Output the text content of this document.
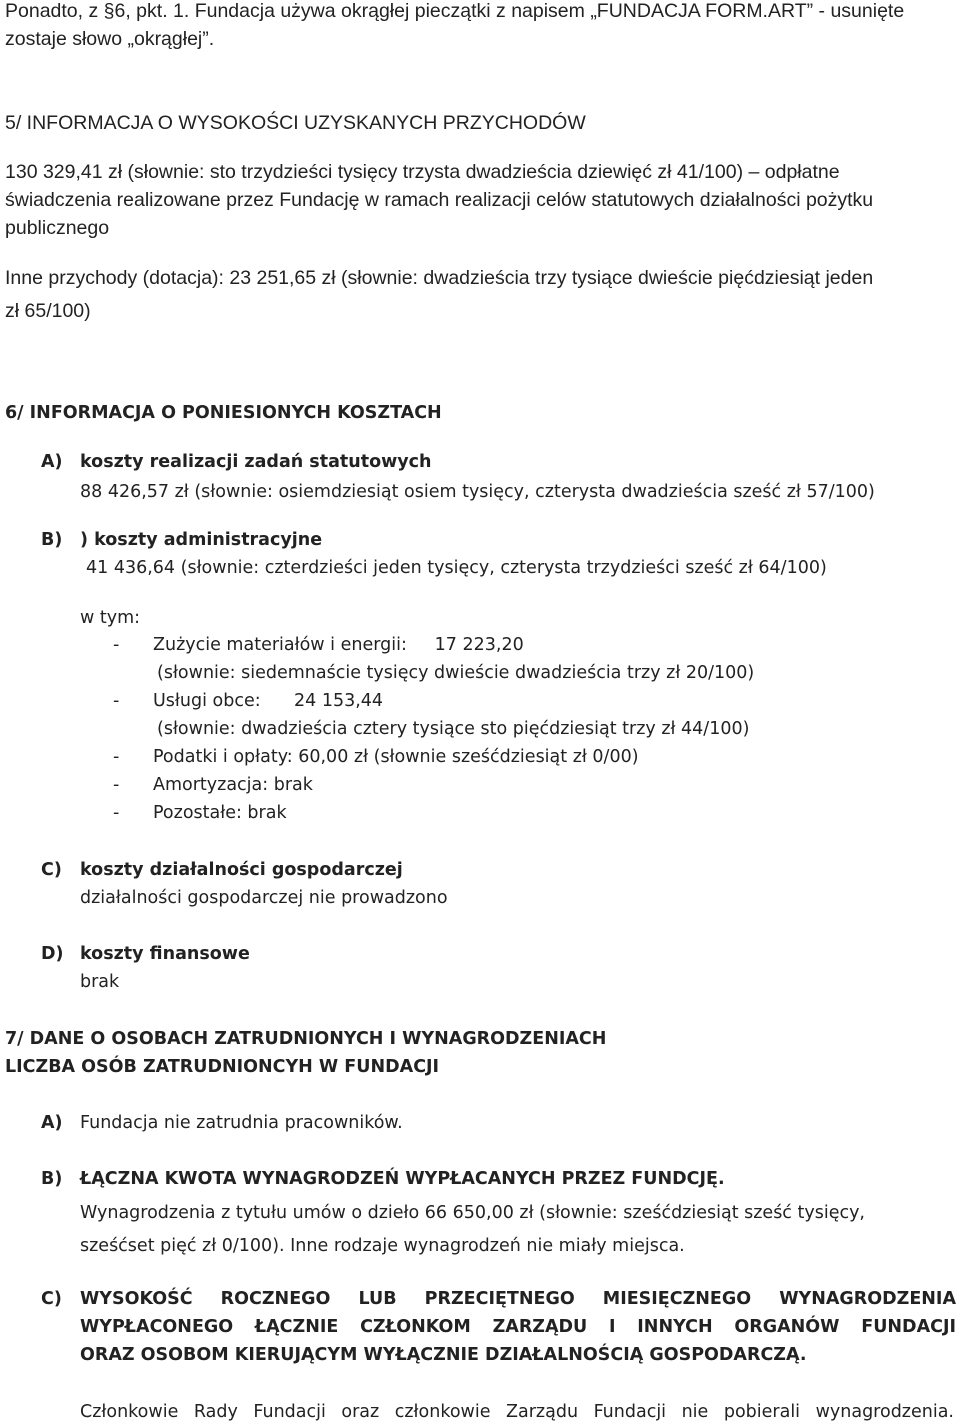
Ponadto, z §6, pkt. 1. Fundacja używa okrągłej pieczątki z napisem „FUNDACJA FORM.ART” - usunięte
zostaje słowo „okrągłej”.
5/ INFORMACJA O WYSOKOŚCI UZYSKANYCH PRZYCHODÓW
130 329,41 zł (słownie: sto trzydzieści tysięcy trzysta dwadzieścia dziewięć zł 41/100) – odpłatne
świadczenia realizowane przez Fundację w ramach realizacji celów statutowych działalności pożytku
publicznego
Inne przychody (dotacja): 23 251,65 zł (słownie: dwadzieścia trzy tysiące dwieście pięćdziesiąt jeden
zł 65/100)
6/ INFORMACJA O PONIESIONYCH KOSZTACH
A) koszty realizacji zadań statutowych
88 426,57 zł (słownie: osiemdziesiąt osiem tysięcy, czterysta dwadzieścia sześć zł 57/100)
B) ) koszty administracyjne
41 436,64 (słownie: czterdzieści jeden tysięcy, czterysta trzydzieści sześć zł 64/100)
w tym:
- Zużycie materiałów i energii:     17 223,20
(słownie: siedemnaście tysięcy dwieście dwadzieścia trzy zł 20/100)
- Usługi obce:      24 153,44
(słownie: dwadzieścia cztery tysiące sto pięćdziesiąt trzy zł 44/100)
- Podatki i opłaty: 60,00 zł (słownie sześćdziesiąt zł 0/00)
- Amortyzacja: brak
- Pozostałe: brak
C) koszty działalności gospodarczej
działalności gospodarczej nie prowadzono
D) koszty finansowe
brak
7/ DANE O OSOBACH ZATRUDNIONYCH I WYNAGRODZENIACH
LICZBA OSÓB ZATRUDNIONCYH W FUNDACJI
A) Fundacja nie zatrudnia pracowników.
B) ŁĄCZNA KWOTA WYNAGRODZEŃ WYPŁACANYCH PRZEZ FUNDCJĘ.
Wynagrodzenia z tytułu umów o dzieło 66 650,00 zł (słownie: sześćdziesiąt sześć tysięcy,
sześćset pięć zł 0/100). Inne rodzaje wynagrodzeń nie miały miejsca.
C) WYSOKOŚĆ ROCZNEGO LUB PRZECIĘTNEGO MIESIĘCZNEGO WYNAGRODZENIA
WYPŁACONEGO ŁĄCZNIE CZŁONKOM ZARZĄDU I INNYCH ORGANÓW FUNDACJI
ORAZ OSOBOM KIERUJĄCYM WYŁĄCZNIE DZIAŁALNOŚCIĄ GOSPODARCZĄ.
Członkowie Rady Fundacji oraz członkowie Zarządu Fundacji nie pobierali wynagrodzenia.
